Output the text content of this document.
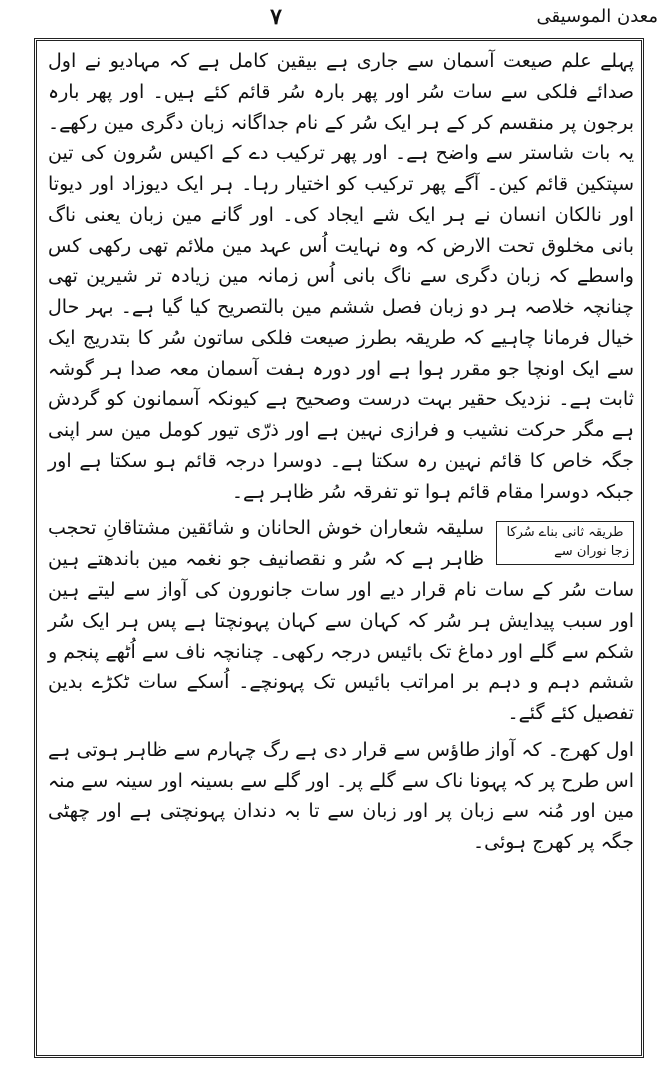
۷	معدن الموسیقی

پہلے علم صیعت آسمان سے جاری ہے بیقین کامل ہے کہ مہادیو نے اول صدائے فلکی سے سات سُر اور پھر بارہ سُر قائم کئے ہیں۔ اور پھر بارہ برجون پر منقسم کر کے ہر ایک سُر کے نام جداگانہ زبان دگری مین رکھے۔ یہ بات شاستر سے واضح ہے۔ اور پھر ترکیب دے کے اکیس سُرون کی تین سپتکین قائم کین۔ آگے پھر ترکیب کو اختیار رہا۔ ہر ایک دیوزاد اور دیوتا اور نالکان انسان نے ہر ایک شے ایجاد کی۔ اور گانے مین زبان یعنی ناگ بانی مخلوق تحت الارض کہ وہ نہایت اُس عہد مین ملائم تھی رکھی کس واسطے کہ زبان دگری سے ناگ بانی اُس زمانہ مین زیادہ تر شیرین تھی چنانچہ خلاصہ ہر دو زبان فصل ششم مین بالتصریح کیا گیا ہے۔ بہر حال خیال فرمانا چاہیے کہ طریقہ بطرز صیعت فلکی ساتون سُر کا بتدریج ایک سے ایک اونچا جو مقرر ہوا ہے اور دورہ ہفت آسمان معہ صدا ہر گوشہ ثابت ہے۔ نزدیک حقیر بہت درست وصحیح ہے کیونکہ آسمانون کو گردش ہے مگر حرکت نشیب و فرازی نہین ہے اور ذرّی تیور کومل مین سر اپنی جگہ خاص کا قائم نہین رہ سکتا ہے۔ دوسرا درجہ قائم ہو سکتا ہے اور جبکہ دوسرا مقام قائم ہوا تو تفرقہ سُر ظاہر ہے۔

طریقہ ثانی بناے سُرکا زجا نوران سے

سلیقہ شعاران خوش الحانان و شائقین مشتاقانِ تحجب ظاہر ہے کہ سُر و نقصانیف جو نغمہ مین باندھتے ہین سات سُر کے سات نام قرار دیے اور سات جانورون کی آواز سے لیتے ہین اور سبب پیدایش ہر سُر کہ کہان سے کہان پہونچتا ہے پس ہر ایک سُر شکم سے گلے اور دماغ تک بائیس درجہ رکھی۔ چنانچہ ناف سے اُٹھے پنجم و ششم دہم و دہم بر امراتب بائیس تک پہونچے۔ اُسکے سات ٹکڑے بدین تفصیل کئے گئے۔

اول کھرج۔ کہ آواز طاؤس سے قرار دی ہے رگ چہارم سے ظاہر ہوتی ہے اس طرح پر کہ پہونا ناک سے گلے پر۔ اور گلے سے بسینہ اور سینہ سے منہ مین اور مُنہ سے زبان پر اور زبان سے تا بہ دندان پہونچتی ہے اور چھٹی جگہ پر کھرج ہوئی۔
